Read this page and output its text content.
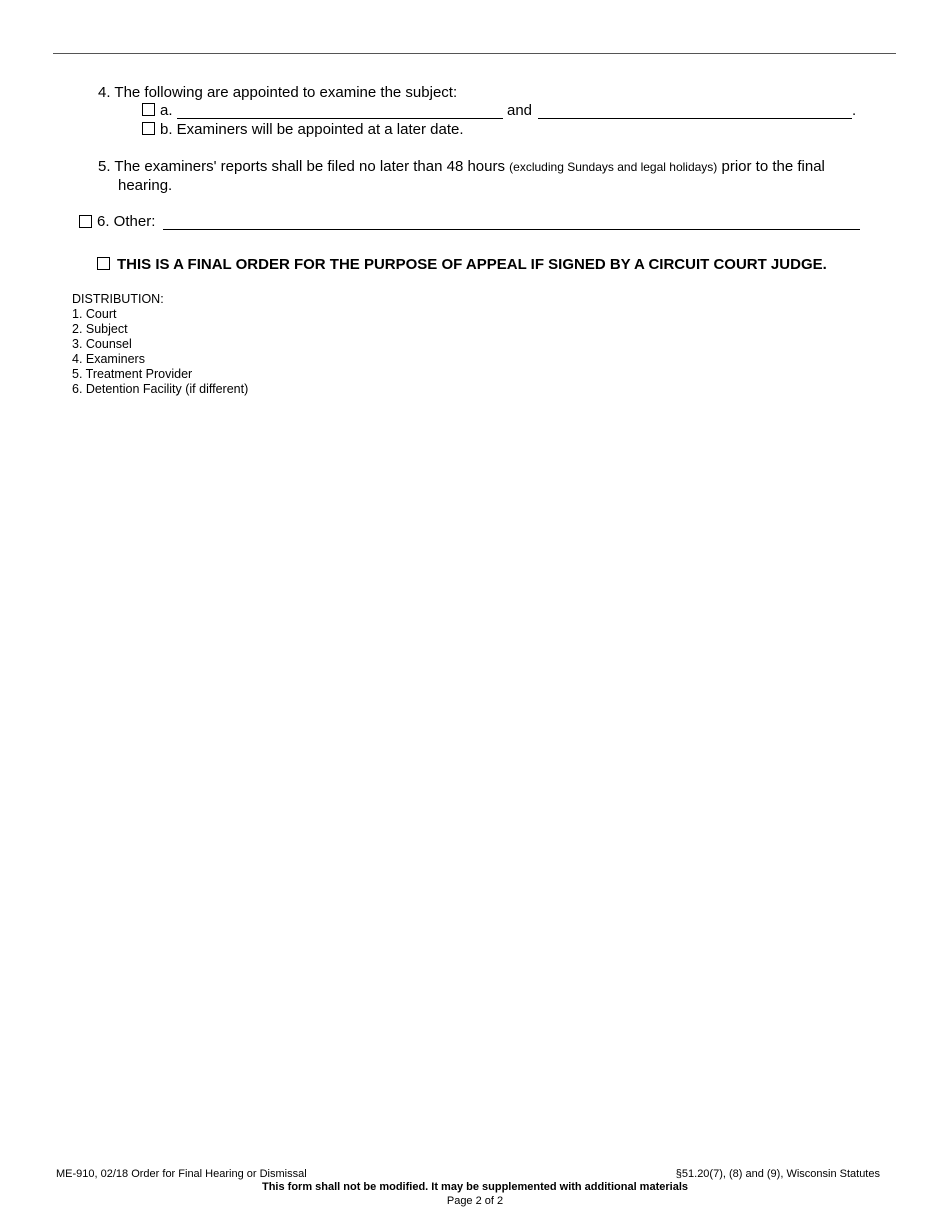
4. The following are appointed to examine the subject:
a.	and	.
b. Examiners will be appointed at a later date.
5. The examiners' reports shall be filed no later than 48 hours (excluding Sundays and legal holidays) prior to the final
hearing.
6. Other:
THIS IS A FINAL ORDER FOR THE PURPOSE OF APPEAL IF SIGNED BY A CIRCUIT COURT JUDGE.
DISTRIBUTION:
1. Court
2. Subject
3. Counsel
4. Examiners
5. Treatment Provider
6. Detention Facility (if different)
ME-910, 02/18 Order for Final Hearing or Dismissal	§51.20(7), (8) and (9), Wisconsin Statutes
This form shall not be modified. It may be supplemented with additional materials
Page 2 of 2
